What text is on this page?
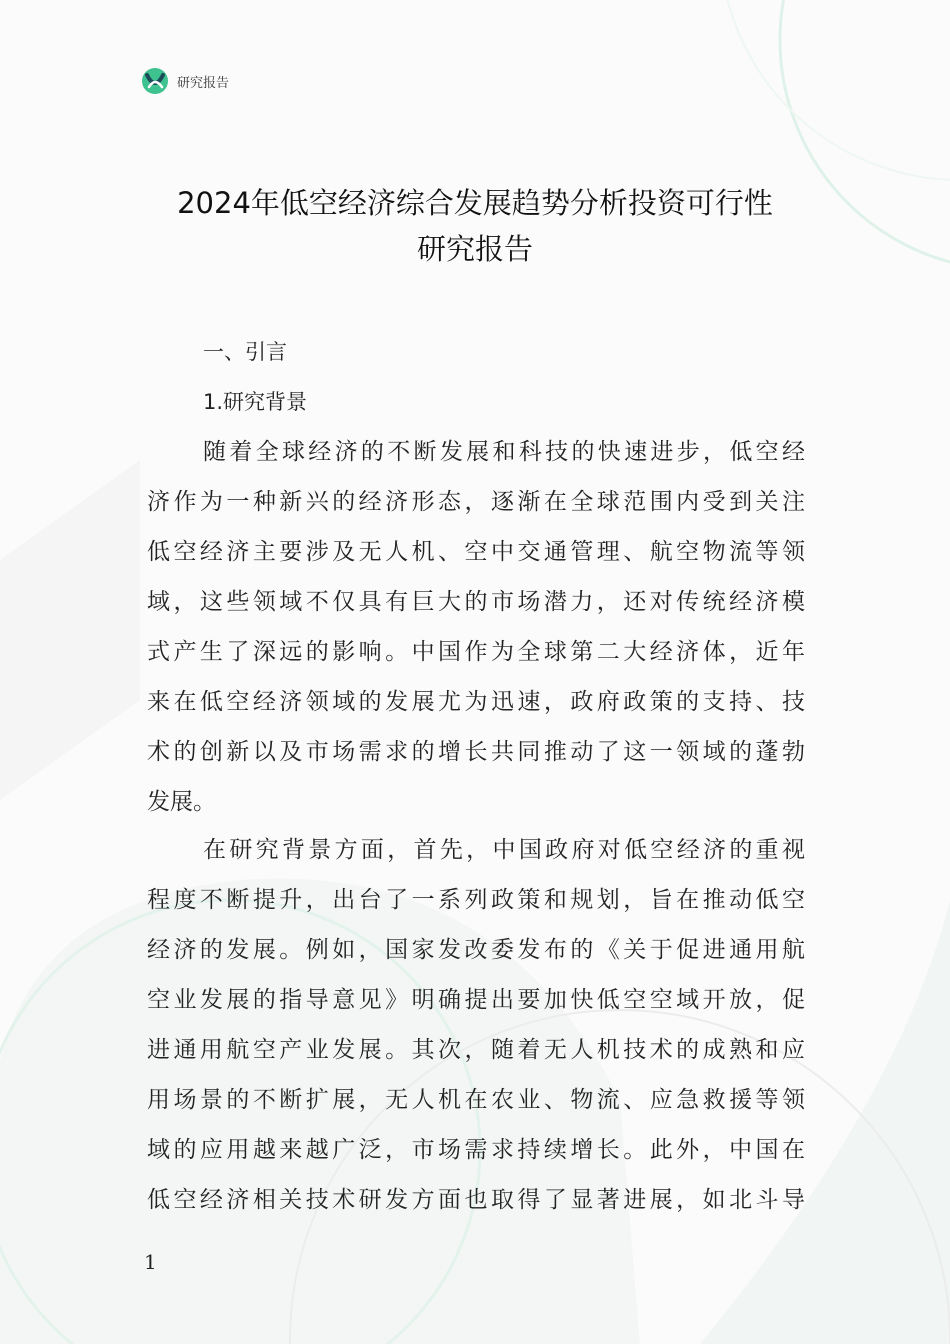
研究报告
2024年低空经济综合发展趋势分析投资可行性
研究报告
一、引言
1.研究背景
随着全球经济的不断发展和科技的快速进步，低空经
济作为一种新兴的经济形态，逐渐在全球范围内受到关注
低空经济主要涉及无人机、空中交通管理、航空物流等领
域，这些领域不仅具有巨大的市场潜力，还对传统经济模
式产生了深远的影响。中国作为全球第二大经济体，近年
来在低空经济领域的发展尤为迅速，政府政策的支持、技
术的创新以及市场需求的增长共同推动了这一领域的蓬勃
发展。
在研究背景方面，首先，中国政府对低空经济的重视
程度不断提升，出台了一系列政策和规划，旨在推动低空
经济的发展。例如，国家发改委发布的《关于促进通用航
空业发展的指导意见》明确提出要加快低空空域开放，促
进通用航空产业发展。其次，随着无人机技术的成熟和应
用场景的不断扩展，无人机在农业、物流、应急救援等领
域的应用越来越广泛，市场需求持续增长。此外，中国在
低空经济相关技术研发方面也取得了显著进展，如北斗导
1
